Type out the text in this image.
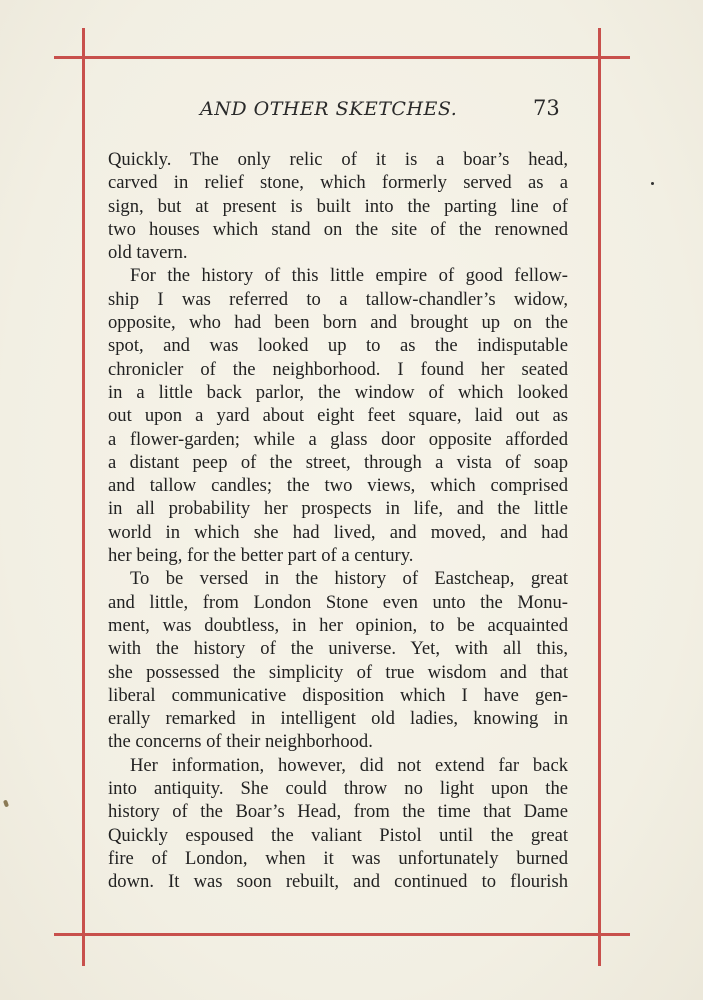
AND OTHER SKETCHES.	73
Quickly. The only relic of it is a boar’s head,
carved in relief stone, which formerly served as a
sign, but at present is built into the parting line of
two houses which stand on the site of the renowned
old tavern.
For the history of this little empire of good fellow-
ship I was referred to a tallow-chandler’s widow,
opposite, who had been born and brought up on the
spot, and was looked up to as the indisputable
chronicler of the neighborhood. I found her seated
in a little back parlor, the window of which looked
out upon a yard about eight feet square, laid out as
a flower-garden; while a glass door opposite afforded
a distant peep of the street, through a vista of soap
and tallow candles; the two views, which comprised
in all probability her prospects in life, and the little
world in which she had lived, and moved, and had
her being, for the better part of a century.
To be versed in the history of Eastcheap, great
and little, from London Stone even unto the Monu-
ment, was doubtless, in her opinion, to be acquainted
with the history of the universe. Yet, with all this,
she possessed the simplicity of true wisdom and that
liberal communicative disposition which I have gen-
erally remarked in intelligent old ladies, knowing in
the concerns of their neighborhood.
Her information, however, did not extend far back
into antiquity. She could throw no light upon the
history of the Boar’s Head, from the time that Dame
Quickly espoused the valiant Pistol until the great
fire of London, when it was unfortunately burned
down. It was soon rebuilt, and continued to flourish
